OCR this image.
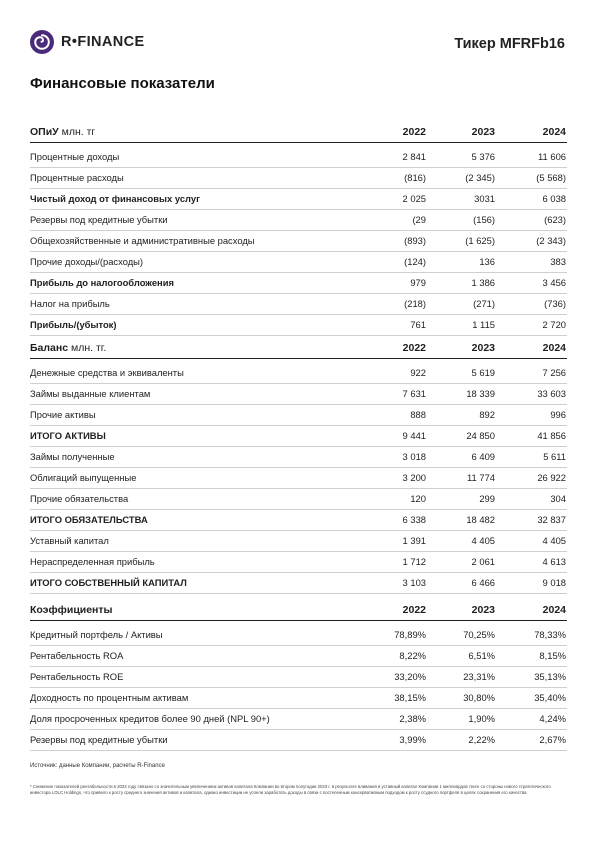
R•FINANCE	Тикер MFRFb16
Финансовые показатели
ОПиУ млн. тг	2022	2023	2024
Процентные доходы	2 841	5 376	11 606
Процентные расходы	(816)	(2 345)	(5 568)
Чистый доход от финансовых услуг	2 025	3031	6 038
Резервы под кредитные убытки	(29	(156)	(623)
Общехозяйственные и административные расходы	(893)	(1 625)	(2 343)
Прочие доходы/(расходы)	(124)	136	383
Прибыль до налогообложения	979	1 386	3 456
Налог на прибыль	(218)	(271)	(736)
Прибыль/(убыток)	761	1 115	2 720
Баланс млн. тг.	2022	2023	2024
Денежные средства и эквиваленты	922	5 619	7 256
Займы выданные клиентам	7 631	18 339	33 603
Прочие активы	888	892	996
ИТОГО АКТИВЫ	9 441	24 850	41 856
Займы полученные	3 018	6 409	5 611
Облигаций выпущенные	3 200	11 774	26 922
Прочие обязательства	120	299	304
ИТОГО ОБЯЗАТЕЛЬСТВА	6 338	18 482	32 837
Уставный капитал	1 391	4 405	4 405
Нераспределенная прибыль	1 712	2 061	4 613
ИТОГО СОБСТВЕННЫЙ КАПИТАЛ	3 103	6 466	9 018
Коэффициенты	2022	2023	2024
Кредитный портфель / Активы	78,89%	70,25%	78,33%
Рентабельность ROA	8,22%	6,51%	8,15%
Рентабельность ROE	33,20%	23,31%	35,13%
Доходность по процентным активам	38,15%	30,80%	35,40%
Доля просроченных кредитов более 90 дней (NPL 90+)	2,38%	1,90%	4,24%
Резервы под кредитные убытки	3,99%	2,22%	2,67%
Источник: данные Компании, расчеты R-Finance
* Снижение показателей рентабельности в 2023 году связано со значительным увеличением активов капитала Компании во втором полугодии 2023 г. в результате вливания в уставный капитал Компании 1 миллиардов тенге со стороны нового стратегического инвестора LOLC Holdings, что привело к росту среднего значения активов и капитала, однако инвестиции не успели заработать доходы в связи с постепенным консервативным подходом к росту ссудного портфеля в целях сохранения его качества
